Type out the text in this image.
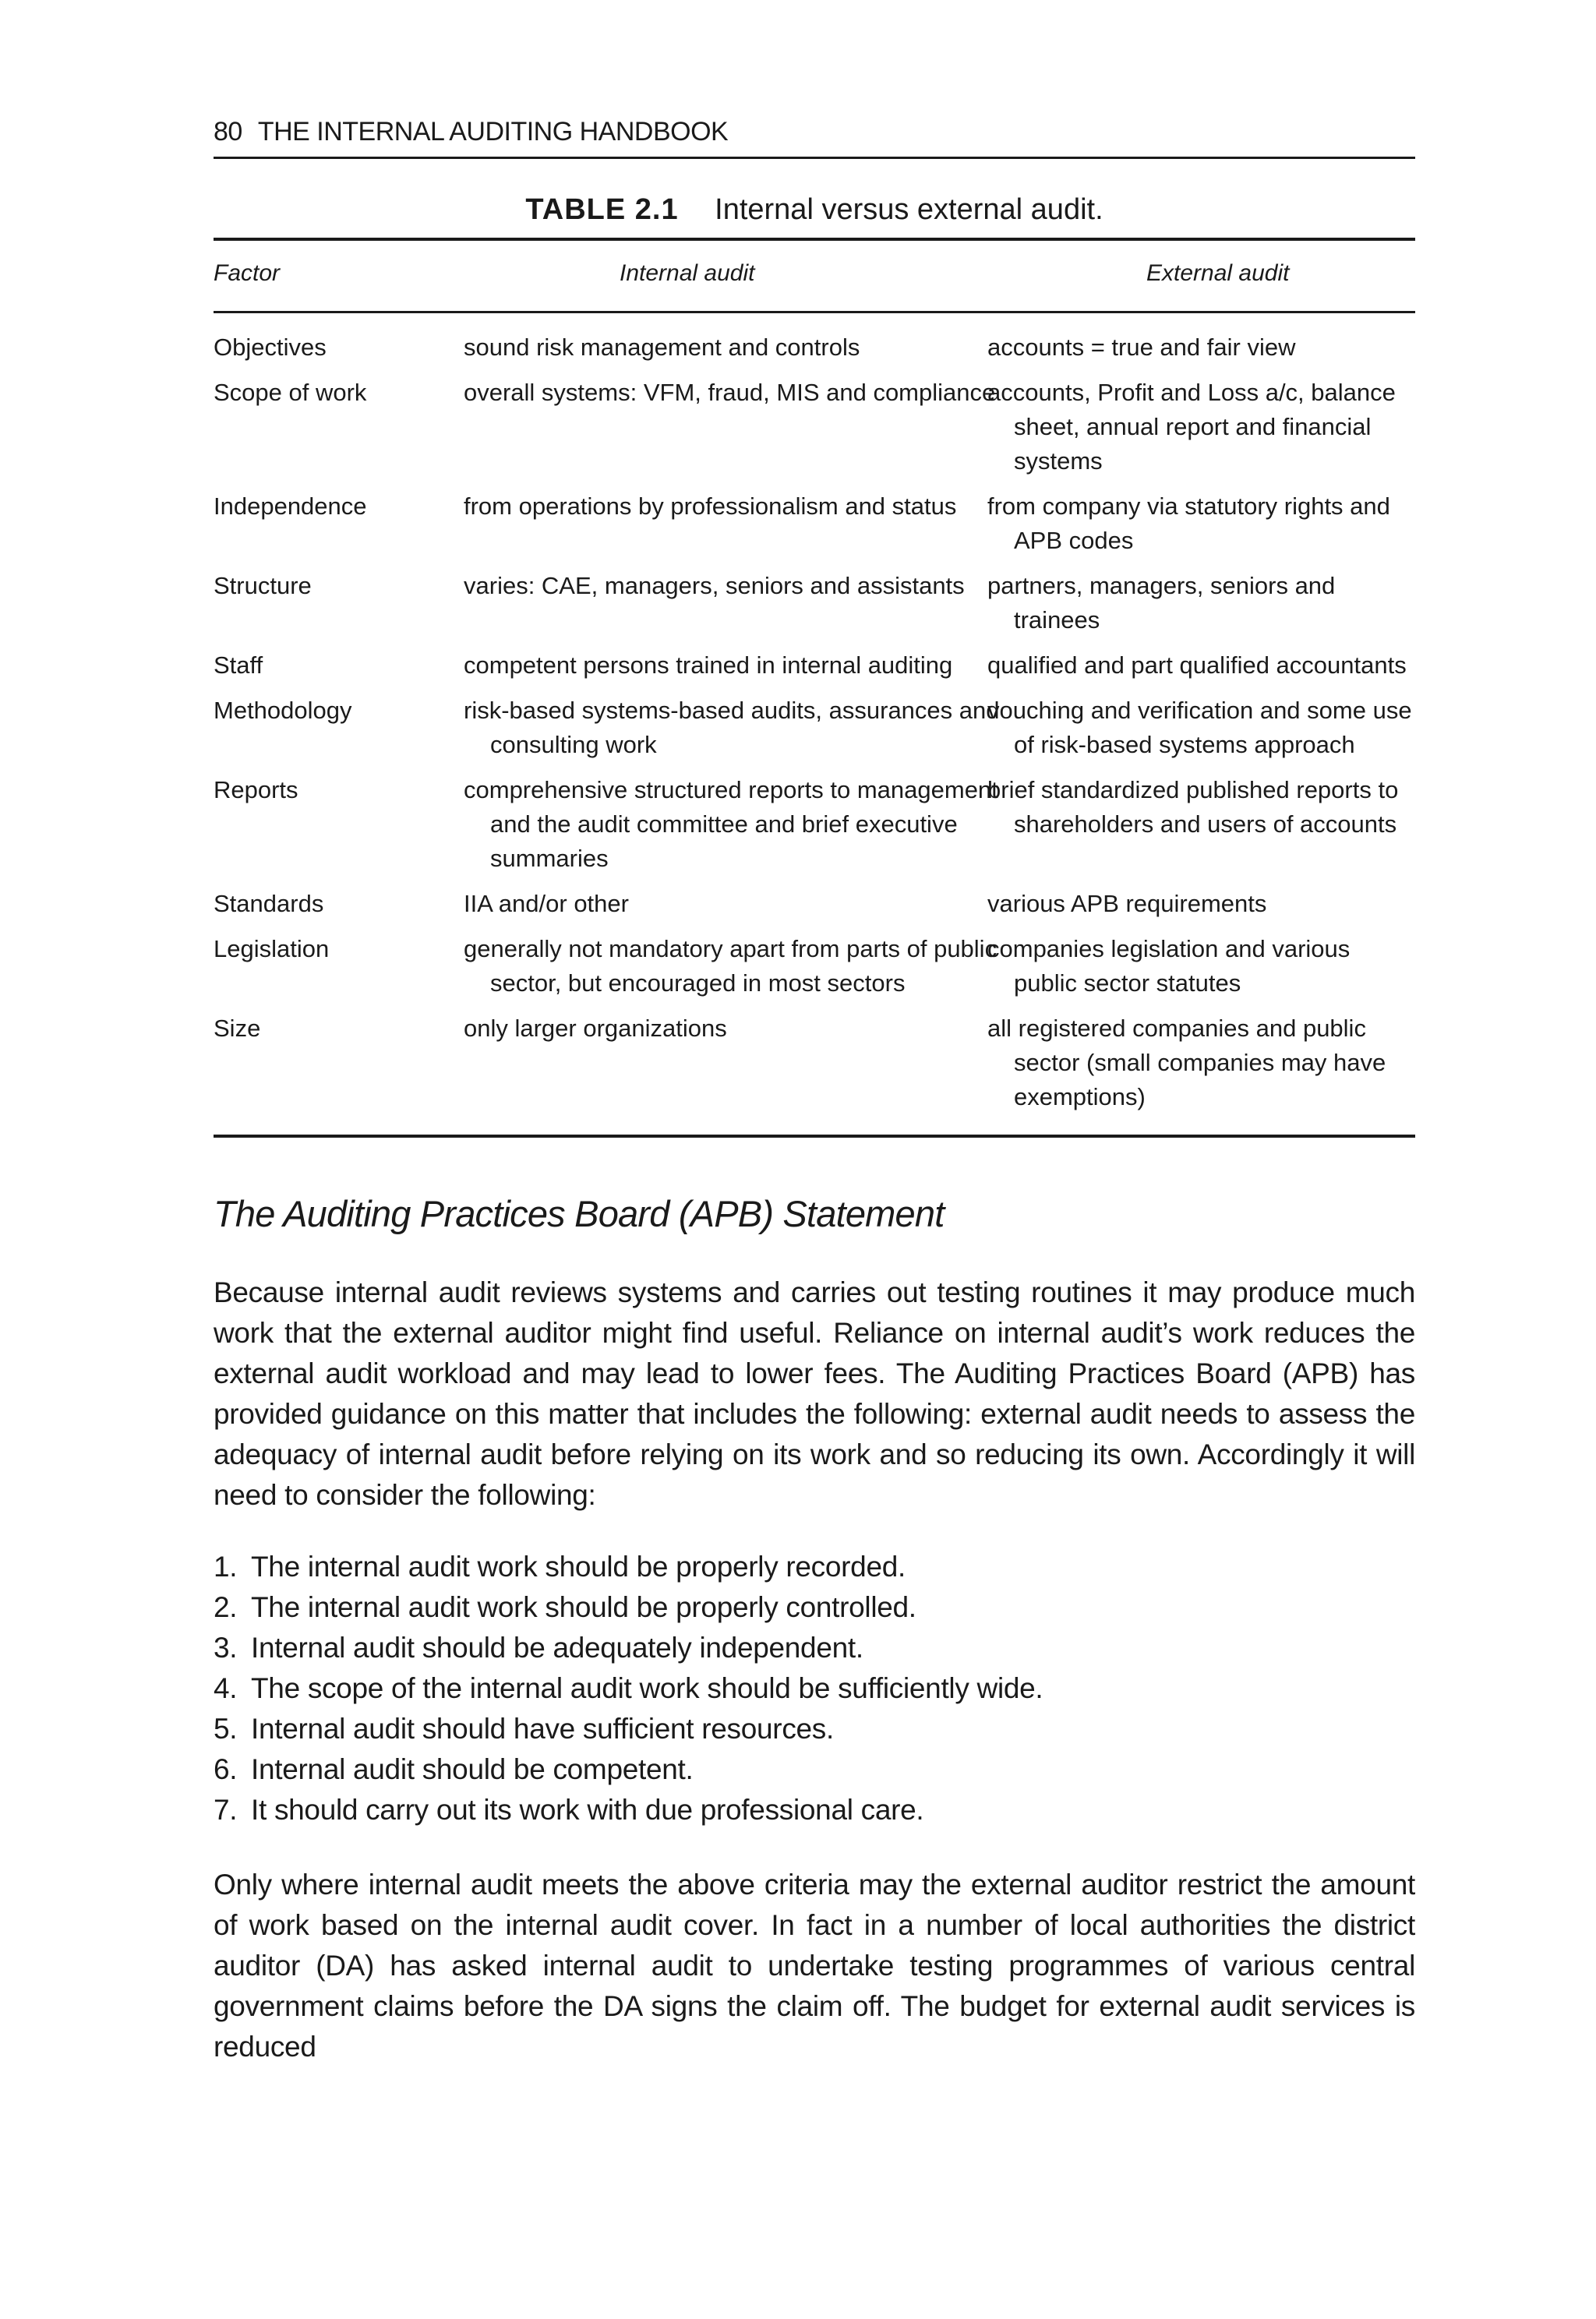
80 THE INTERNAL AUDITING HANDBOOK
TABLE 2.1 Internal versus external audit.
Factor	Internal audit	External audit
Objectives	sound risk management and controls	accounts = true and fair view
Scope of work	overall systems: VFM, fraud, MIS and compliance	accounts, Profit and Loss a/c, balance sheet, annual report and financial systems
Independence	from operations by professionalism and status	from company via statutory rights and APB codes
Structure	varies: CAE, managers, seniors and assistants	partners, managers, seniors and trainees
Staff	competent persons trained in internal auditing	qualified and part qualified accountants
Methodology	risk-based systems-based audits, assurances and consulting work	vouching and verification and some use of risk-based systems approach
Reports	comprehensive structured reports to management and the audit committee and brief executive summaries	brief standardized published reports to shareholders and users of accounts
Standards	IIA and/or other	various APB requirements
Legislation	generally not mandatory apart from parts of public sector, but encouraged in most sectors	companies legislation and various public sector statutes
Size	only larger organizations	all registered companies and public sector (small companies may have exemptions)
The Auditing Practices Board (APB) Statement
Because internal audit reviews systems and carries out testing routines it may produce much work that the external auditor might find useful. Reliance on internal audit’s work reduces the external audit workload and may lead to lower fees. The Auditing Practices Board (APB) has provided guidance on this matter that includes the following: external audit needs to assess the adequacy of internal audit before relying on its work and so reducing its own. Accordingly it will need to consider the following:
1. The internal audit work should be properly recorded.
2. The internal audit work should be properly controlled.
3. Internal audit should be adequately independent.
4. The scope of the internal audit work should be sufficiently wide.
5. Internal audit should have sufficient resources.
6. Internal audit should be competent.
7. It should carry out its work with due professional care.
Only where internal audit meets the above criteria may the external auditor restrict the amount of work based on the internal audit cover. In fact in a number of local authorities the district auditor (DA) has asked internal audit to undertake testing programmes of various central government claims before the DA signs the claim off. The budget for external audit services is reduced
